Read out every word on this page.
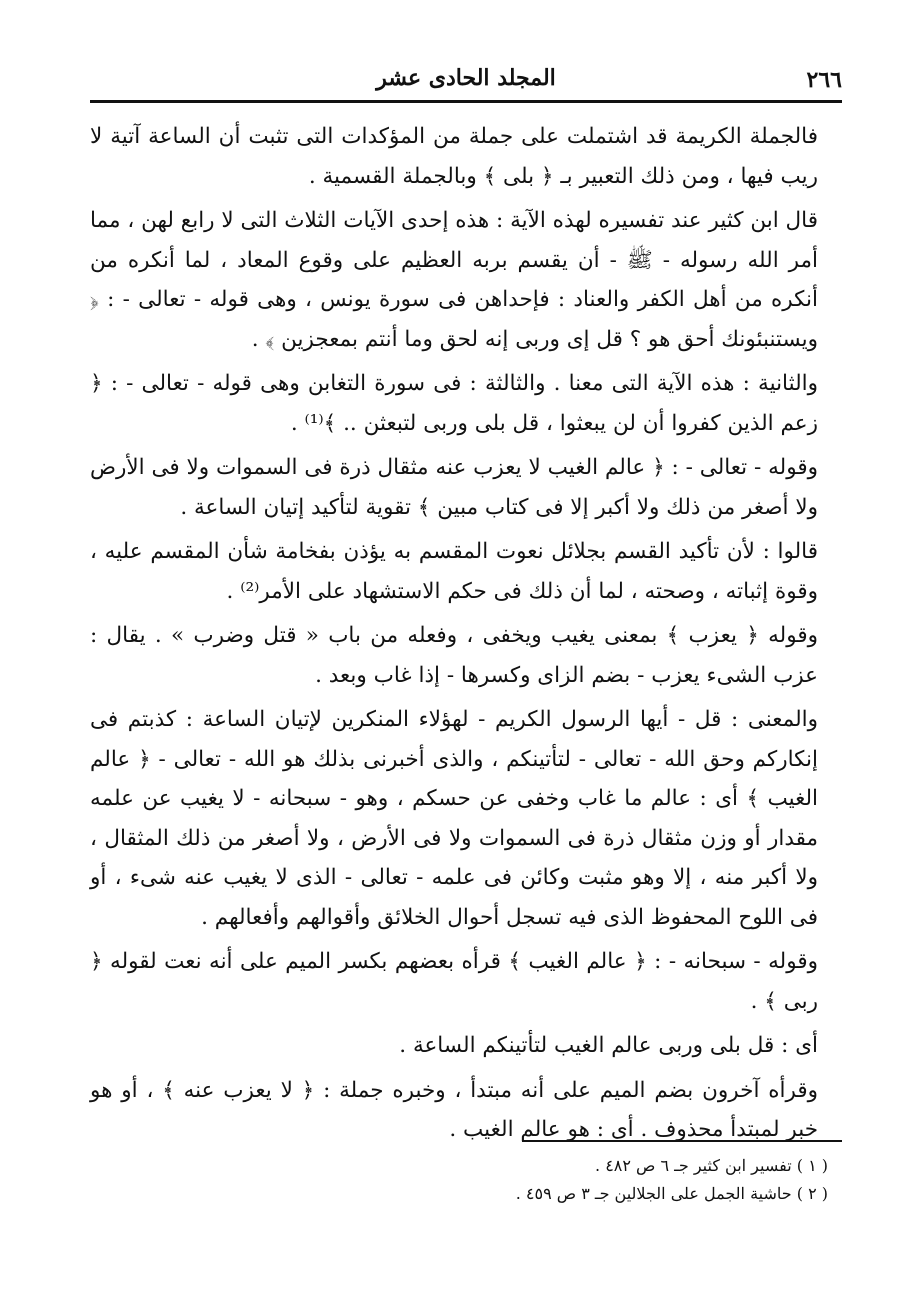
٢٦٦
المجلد الحادى عشر

فالجملة الكريمة قد اشتملت على جملة من المؤكدات التى تثبت أن الساعة آتية لا ريب فيها ، ومن ذلك التعبير بـ ﴿ بلى ﴾ وبالجملة القسمية .

قال ابن كثير عند تفسيره لهذه الآية : هذه إحدى الآيات الثلاث التى لا رابع لهن ، مما أمر الله رسوله - ﷺ - أن يقسم بربه العظيم على وقوع المعاد ، لما أنكره من أنكره من أهل الكفر والعناد : فإحداهن فى سورة يونس ، وهى قوله - تعالى - : ﴿ ويستنبئونك أحق هو ؟ قل إى وربى إنه لحق وما أنتم بمعجزين ﴾ .

والثانية : هذه الآية التى معنا . والثالثة : فى سورة التغابن وهى قوله - تعالى - : ﴿ زعم الذين كفروا أن لن يبعثوا ، قل بلى وربى لتبعثن .. ﴾⁽¹⁾ .

وقوله - تعالى - : ﴿ عالم الغيب لا يعزب عنه مثقال ذرة فى السموات ولا فى الأرض ولا أصغر من ذلك ولا أكبر إلا فى كتاب مبين ﴾ تقوية لتأكيد إتيان الساعة .

قالوا : لأن تأكيد القسم بجلائل نعوت المقسم به يؤذن بفخامة شأن المقسم عليه ، وقوة إثباته ، وصحته ، لما أن ذلك فى حكم الاستشهاد على الأمر⁽²⁾ .

وقوله ﴿ يعزب ﴾ بمعنى يغيب ويخفى ، وفعله من باب « قتل وضرب » . يقال : عزب الشىء يعزب - بضم الزاى وكسرها - إذا غاب وبعد .

والمعنى : قل - أيها الرسول الكريم - لهؤلاء المنكرين لإتيان الساعة : كذبتم فى إنكاركم وحق الله - تعالى - لتأتينكم ، والذى أخبرنى بذلك هو الله - تعالى - ﴿ عالم الغيب ﴾ أى : عالم ما غاب وخفى عن حسكم ، وهو - سبحانه - لا يغيب عن علمه مقدار أو وزن مثقال ذرة فى السموات ولا فى الأرض ، ولا أصغر من ذلك المثقال ، ولا أكبر منه ، إلا وهو مثبت وكائن فى علمه - تعالى - الذى لا يغيب عنه شىء ، أو فى اللوح المحفوظ الذى فيه تسجل أحوال الخلائق وأقوالهم وأفعالهم .

وقوله - سبحانه - : ﴿ عالم الغيب ﴾ قرأه بعضهم بكسر الميم على أنه نعت لقوله ﴿ ربى ﴾ .

أى : قل بلى وربى عالم الغيب لتأتينكم الساعة .

وقرأه آخرون بضم الميم على أنه مبتدأ ، وخبره جملة : ﴿ لا يعزب عنه ﴾ ، أو هو خبر لمبتدأ محذوف . أى : هو عالم الغيب .

( ١ ) تفسير ابن كثير جـ ٦ ص ٤٨٢ .
( ٢ ) حاشية الجمل على الجلالين جـ ٣ ص ٤٥٩ .
